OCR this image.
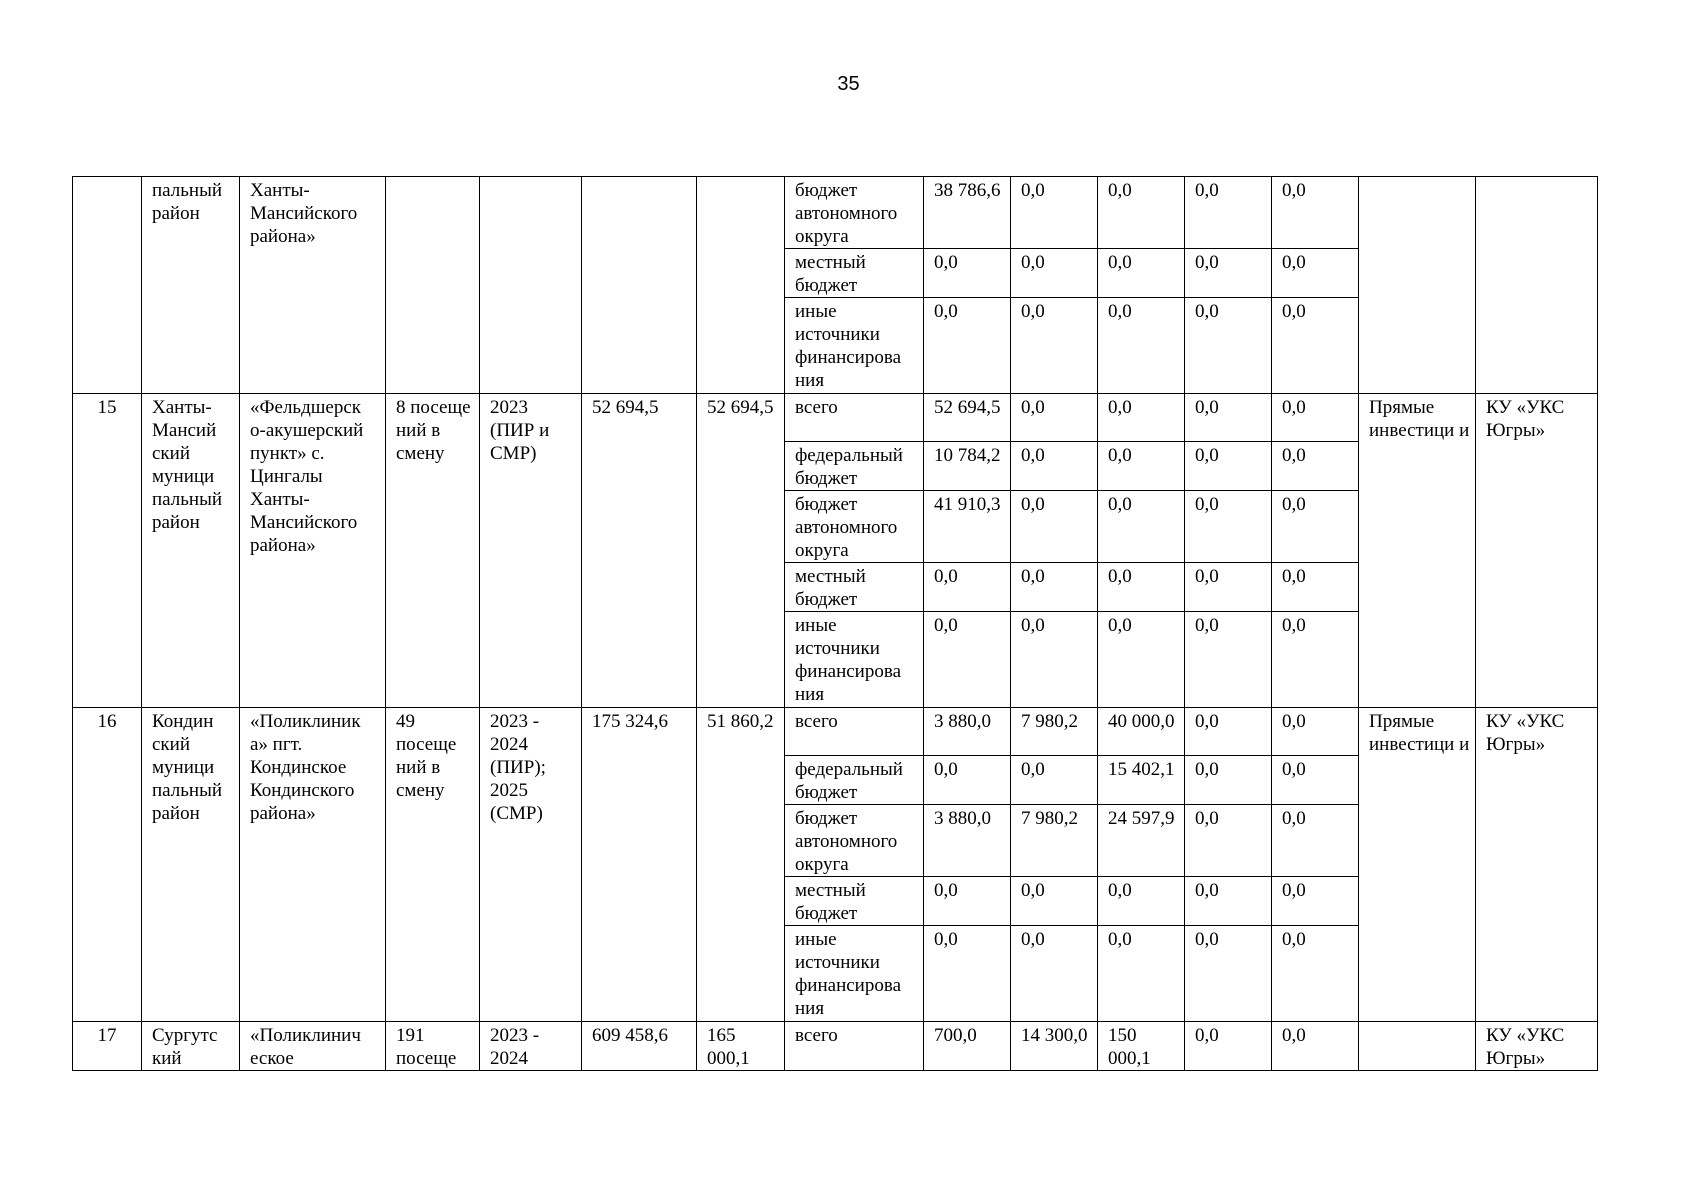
35
	пальный район	Ханты-Мансийского района»					бюджет автономного округа	38 786,6	0,0	0,0	0,0	0,0		
							местный бюджет	0,0	0,0	0,0	0,0	0,0		
							иные источники финансирова ния	0,0	0,0	0,0	0,0	0,0		
15	Ханты-Мансий ский муници пальный район	«Фельдшерск о-акушерский пункт» с. Цингалы Ханты-Мансийского района»	8 посеще ний в смену	2023 (ПИР и СМР)	52 694,5	52 694,5	всего	52 694,5	0,0	0,0	0,0	0,0	Прямые инвестици и	КУ «УКС Югры»
							федеральный бюджет	10 784,2	0,0	0,0	0,0	0,0		
							бюджет автономного округа	41 910,3	0,0	0,0	0,0	0,0		
							местный бюджет	0,0	0,0	0,0	0,0	0,0		
							иные источники финансирова ния	0,0	0,0	0,0	0,0	0,0		
16	Кондин ский муници пальный район	«Поликлиник а» пгт. Кондинское Кондинского района»	49 посеще ний в смену	2023 - 2024 (ПИР); 2025 (СМР)	175 324,6	51 860,2	всего	3 880,0	7 980,2	40 000,0	0,0	0,0	Прямые инвестици и	КУ «УКС Югры»
							федеральный бюджет	0,0	0,0	15 402,1	0,0	0,0		
							бюджет автономного округа	3 880,0	7 980,2	24 597,9	0,0	0,0		
							местный бюджет	0,0	0,0	0,0	0,0	0,0		
							иные источники финансирова ния	0,0	0,0	0,0	0,0	0,0		
17	Сургутс кий	«Поликлинич еское	191 посеще	2023 - 2024	609 458,6	165 000,1	всего	700,0	14 300,0	150 000,1	0,0	0,0		КУ «УКС Югры»
